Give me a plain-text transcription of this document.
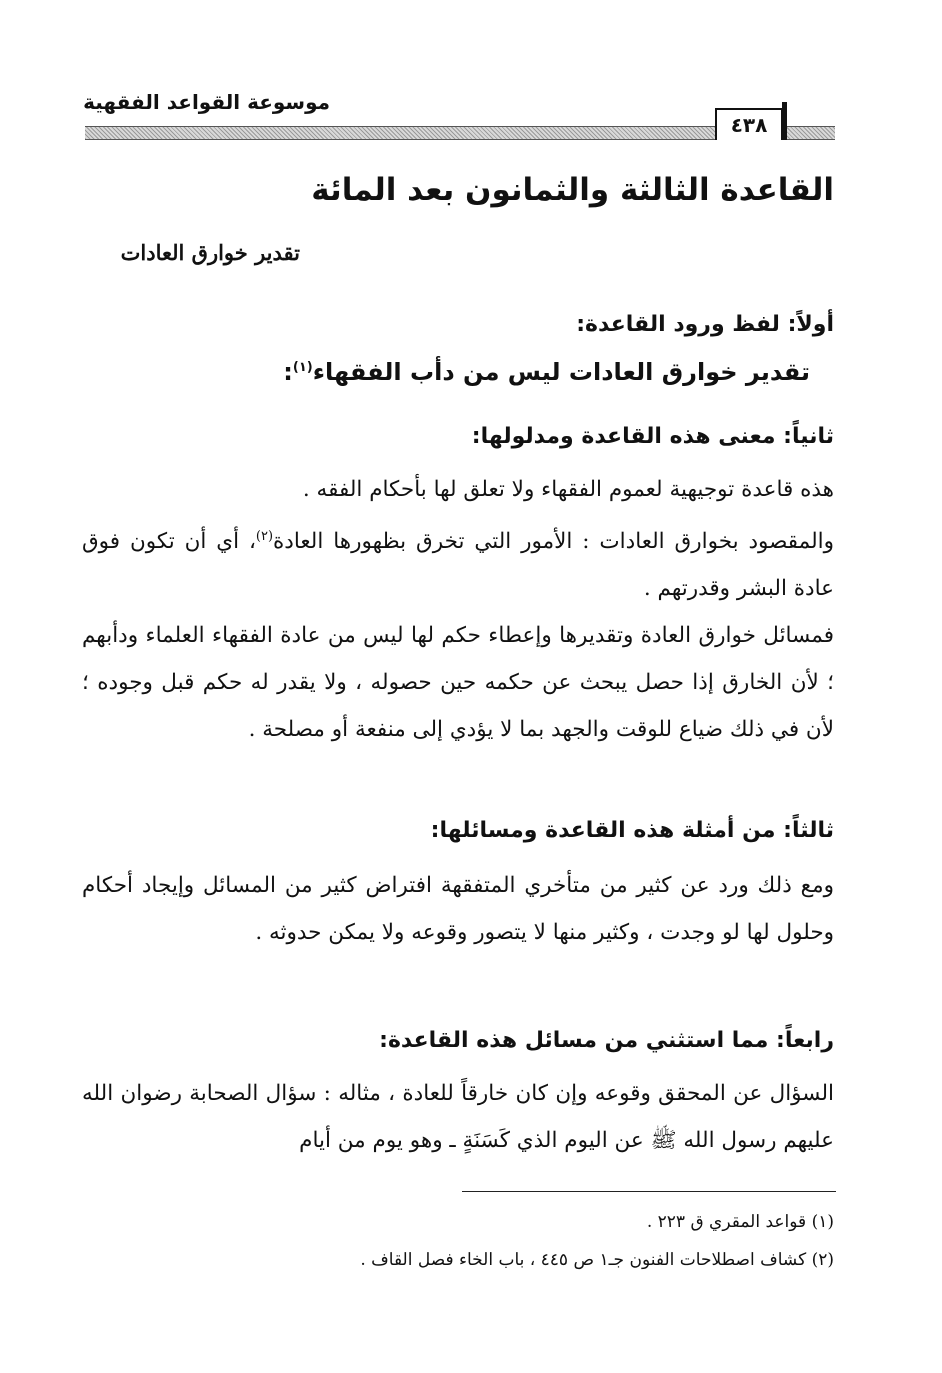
موسوعة القواعد الفقهية
٤٣٨
القاعدة الثالثة والثمانون بعد المائة
تقدير خوارق العادات
أولاً: لفظ ورود القاعدة:
تقدير خوارق العادات ليس من دأب الفقهاء$^{(١)}$:
ثانياً: معنى هذه القاعدة ومدلولها:

هذه قاعدة توجيهية لعموم الفقهاء ولا تعلق لها بأحكام الفقه .

والمقصود بخوارق العادات : الأمور التي تخرق بظهورها العادة$^{(٢)}$، أي أن تكون فوق عادة البشر وقدرتهم .

فمسائل خوارق العادة وتقديرها وإعطاء حكم لها ليس من عادة الفقهاء العلماء ودأبهم ؛ لأن الخارق إذا حصل يبحث عن حكمه حين حصوله ، ولا يقدر له حكم قبل وجوده ؛ لأن في ذلك ضياع للوقت والجهد بما لا يؤدي إلى منفعة أو مصلحة .

ثالثاً: من أمثلة هذه القاعدة ومسائلها:

ومع ذلك ورد عن كثير من متأخري المتفقهة افتراض كثير من المسائل وإيجاد أحكام وحلول لها لو وجدت ، وكثير منها لا يتصور وقوعه ولا يمكن حدوثه .

رابعاً: مما استثني من مسائل هذه القاعدة:

السؤال عن المحقق وقوعه وإن كان خارقاً للعادة ، مثاله : سؤال الصحابة رضوان الله عليهم رسول الله ﷺ عن اليوم الذي كَسَنَةٍ ـ وهو يوم من أيام

(١) قواعد المقري ق ٢٢٣ .
(٢) كشاف اصطلاحات الفنون جـ١ ص ٤٤٥ ، باب الخاء فصل القاف .
